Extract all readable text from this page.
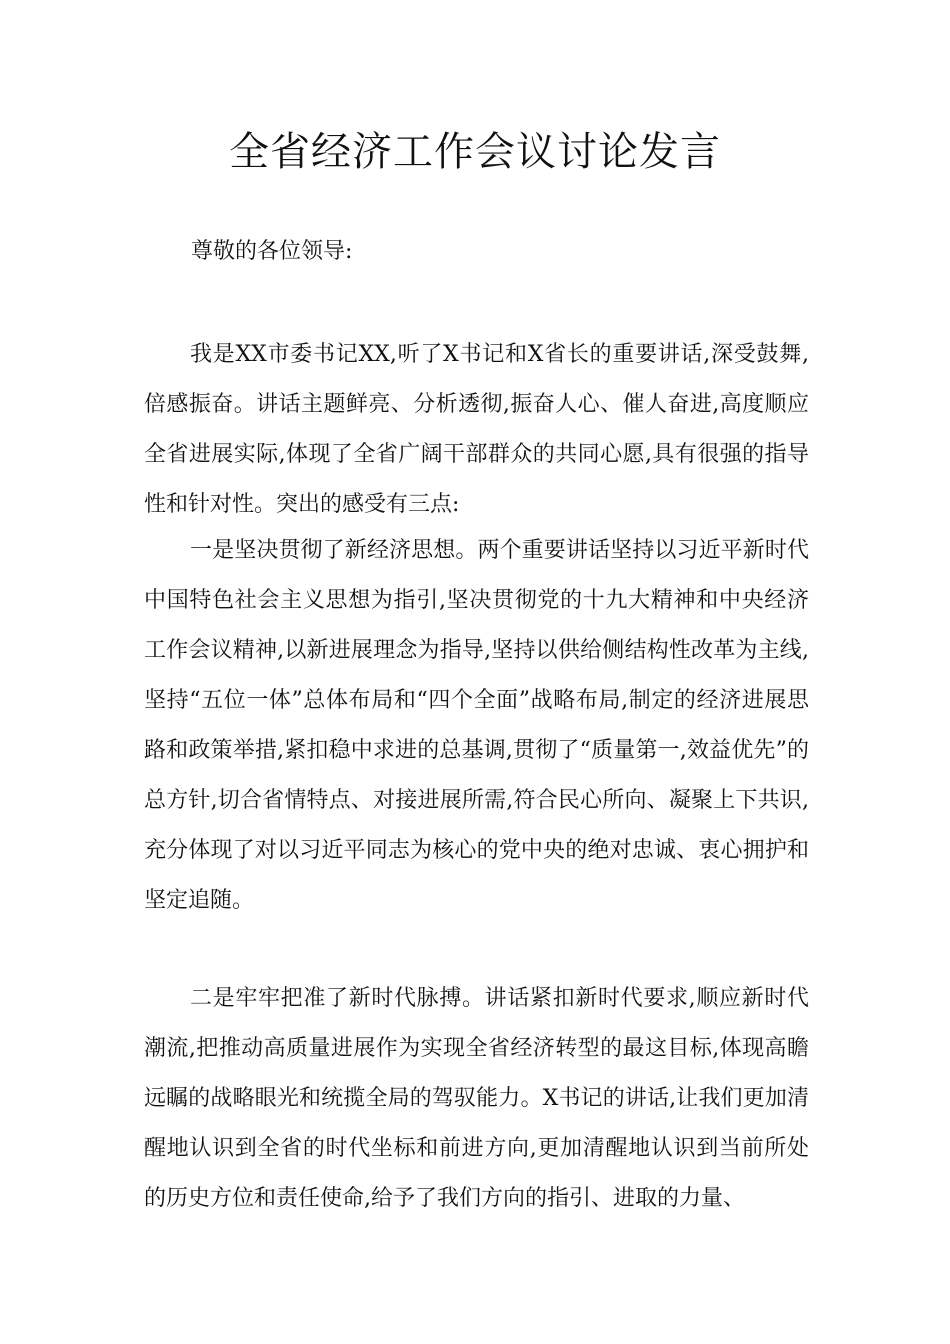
全省经济工作会议讨论发言

尊敬的各位领导:

我是XX市委书记XX,听了X书记和X省长的重要讲话,深受鼓舞,倍感振奋。讲话主题鲜亮、分析透彻,振奋人心、催人奋进,高度顺应全省进展实际,体现了全省广阔干部群众的共同心愿,具有很强的指导性和针对性。突出的感受有三点:

一是坚决贯彻了新经济思想。两个重要讲话坚持以习近平新时代中国特色社会主义思想为指引,坚决贯彻党的十九大精神和中央经济工作会议精神,以新进展理念为指导,坚持以供给侧结构性改革为主线,坚持“五位一体”总体布局和“四个全面”战略布局,制定的经济进展思路和政策举措,紧扣稳中求进的总基调,贯彻了“质量第一,效益优先”的总方针,切合省情特点、对接进展所需,符合民心所向、凝聚上下共识,充分体现了对以习近平同志为核心的党中央的绝对忠诚、衷心拥护和坚定追随。

二是牢牢把准了新时代脉搏。讲话紧扣新时代要求,顺应新时代潮流,把推动高质量进展作为实现全省经济转型的最这目标,体现高瞻远瞩的战略眼光和统揽全局的驾驭能力。X书记的讲话,让我们更加清醒地认识到全省的时代坐标和前进方向,更加清醒地认识到当前所处的历史方位和责任使命,给予了我们方向的指引、进取的力量、
